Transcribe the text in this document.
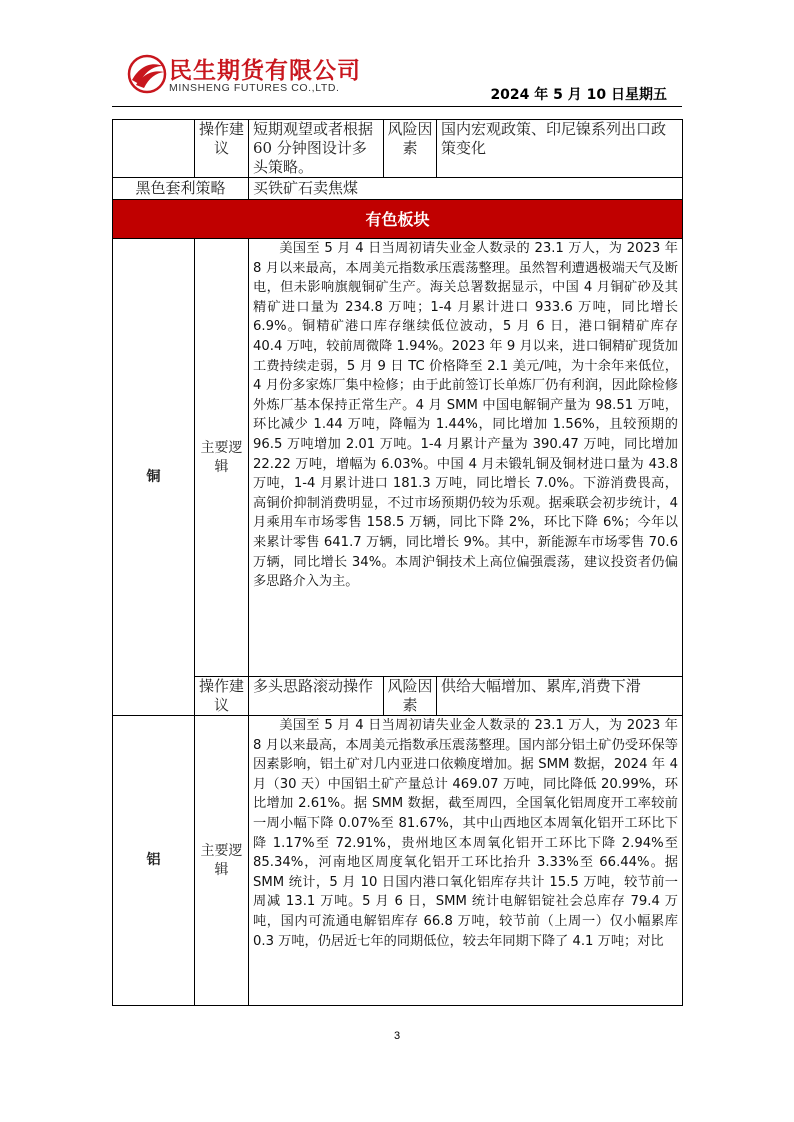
民生期货有限公司
MINSHENG FUTURES CO.,LTD.	2024 年 5 月 10 日星期五
	操作建议	短期观望或者根据 60 分钟图设计多头策略。	风险因素	国内宏观政策、印尼镍系列出口政策变化
黑色套利策略		买铁矿石卖焦煤		
有色板块				
铜	主要逻辑	美国至 5 月 4 日当周初请失业金人数录的 23.1 万人，为 2023 年 8 月以来最高，本周美元指数承压震荡整理。虽然智利遭遇极端天气及断电，但未影响旗舰铜矿生产。海关总署数据显示，中国 4 月铜矿砂及其精矿进口量为 234.8 万吨；1-4 月累计进口 933.6 万吨，同比增长 6.9%。铜精矿港口库存继续低位波动，5 月 6 日，港口铜精矿库存 40.4 万吨，较前周微降 1.94%。2023 年 9 月以来，进口铜精矿现货加工费持续走弱，5 月 9 日 TC 价格降至 2.1 美元/吨，为十余年来低位，4 月份多家炼厂集中检修；由于此前签订长单炼厂仍有利润，因此除检修外炼厂基本保持正常生产。4 月 SMM 中国电解铜产量为 98.51 万吨，环比减少 1.44 万吨，降幅为 1.44%，同比增加 1.56%，且较预期的 96.5 万吨增加 2.01 万吨。1-4 月累计产量为 390.47 万吨，同比增加 22.22 万吨，增幅为 6.03%。中国 4 月未锻轧铜及铜材进口量为 43.8 万吨，1-4 月累计进口 181.3 万吨，同比增长 7.0%。下游消费畏高，高铜价抑制消费明显，不过市场预期仍较为乐观。据乘联会初步统计，4 月乘用车市场零售 158.5 万辆，同比下降 2%，环比下降 6%；今年以来累计零售 641.7 万辆，同比增长 9%。其中，新能源车市场零售 70.6 万辆，同比增长 34%。本周沪铜技术上高位偏强震荡，建议投资者仍偏多思路介入为主。		

	操作建议	多头思路滚动操作	风险因素	供给大幅增加、累库,消费下滑
铝	主要逻辑	美国至 5 月 4 日当周初请失业金人数录的 23.1 万人，为 2023 年 8 月以来最高，本周美元指数承压震荡整理。国内部分铝土矿仍受环保等因素影响，铝土矿对几内亚进口依赖度增加。据 SMM 数据，2024 年 4 月（30 天）中国铝土矿产量总计 469.07 万吨，同比降低 20.99%，环比增加 2.61%。据 SMM 数据，截至周四，全国氧化铝周度开工率较前一周小幅下降 0.07%至 81.67%，其中山西地区本周氧化铝开工环比下降 1.17%至 72.91%，贵州地区本周氧化铝开工环比下降 2.94%至 85.34%，河南地区周度氧化铝开工环比抬升 3.33%至 66.44%。据 SMM 统计，5 月 10 日国内港口氧化铝库存共计 15.5 万吨，较节前一周减 13.1 万吨。5 月 6 日，SMM 统计电解铝锭社会总库存 79.4 万吨，国内可流通电解铝库存 66.8 万吨，较节前（上周一）仅小幅累库 0.3 万吨，仍居近七年的同期低位，较去年同期下降了 4.1 万吨；对比		

3
